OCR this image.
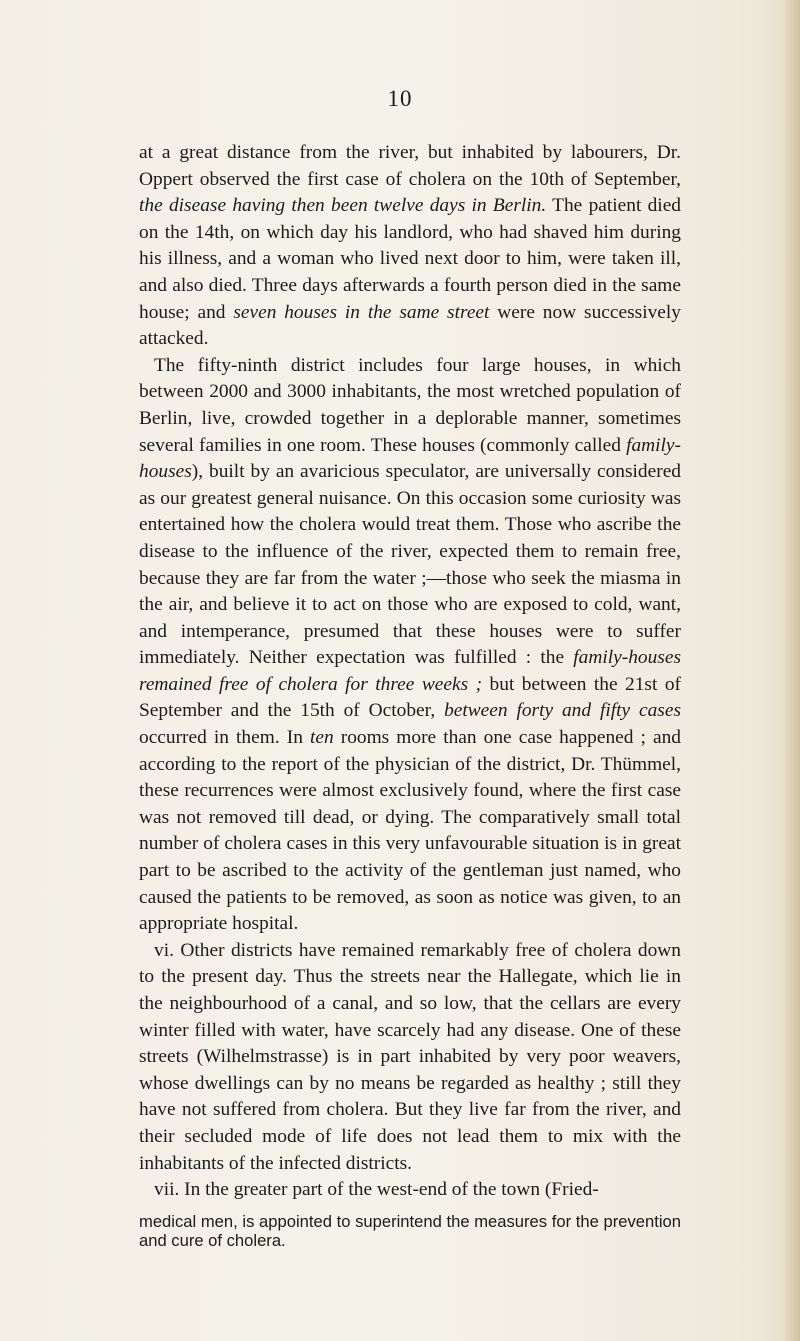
10

at a great distance from the river, but inhabited by labourers, Dr. Oppert observed the first case of cholera on the 10th of September, the disease having then been twelve days in Berlin. The patient died on the 14th, on which day his landlord, who had shaved him during his illness, and a woman who lived next door to him, were taken ill, and also died. Three days afterwards a fourth person died in the same house; and seven houses in the same street were now successively attacked.

The fifty-ninth district includes four large houses, in which between 2000 and 3000 inhabitants, the most wretched population of Berlin, live, crowded together in a deplorable manner, sometimes several families in one room. These houses (commonly called family-houses), built by an avaricious speculator, are universally considered as our greatest general nuisance. On this occasion some curiosity was entertained how the cholera would treat them. Those who ascribe the disease to the influence of the river, expected them to remain free, because they are far from the water ;—those who seek the miasma in the air, and believe it to act on those who are exposed to cold, want, and intemperance, presumed that these houses were to suffer immediately. Neither expectation was fulfilled : the family-houses remained free of cholera for three weeks ; but between the 21st of September and the 15th of October, between forty and fifty cases occurred in them. In ten rooms more than one case happened ; and according to the report of the physician of the district, Dr. Thümmel, these recurrences were almost exclusively found, where the first case was not removed till dead, or dying. The comparatively small total number of cholera cases in this very unfavourable situation is in great part to be ascribed to the activity of the gentleman just named, who caused the patients to be removed, as soon as notice was given, to an appropriate hospital.

vi. Other districts have remained remarkably free of cholera down to the present day. Thus the streets near the Hallegate, which lie in the neighbourhood of a canal, and so low, that the cellars are every winter filled with water, have scarcely had any disease. One of these streets (Wilhelmstrasse) is in part inhabited by very poor weavers, whose dwellings can by no means be regarded as healthy ; still they have not suffered from cholera. But they live far from the river, and their secluded mode of life does not lead them to mix with the inhabitants of the infected districts.

vii. In the greater part of the west-end of the town (Fried-

medical men, is appointed to superintend the measures for the prevention and cure of cholera.
